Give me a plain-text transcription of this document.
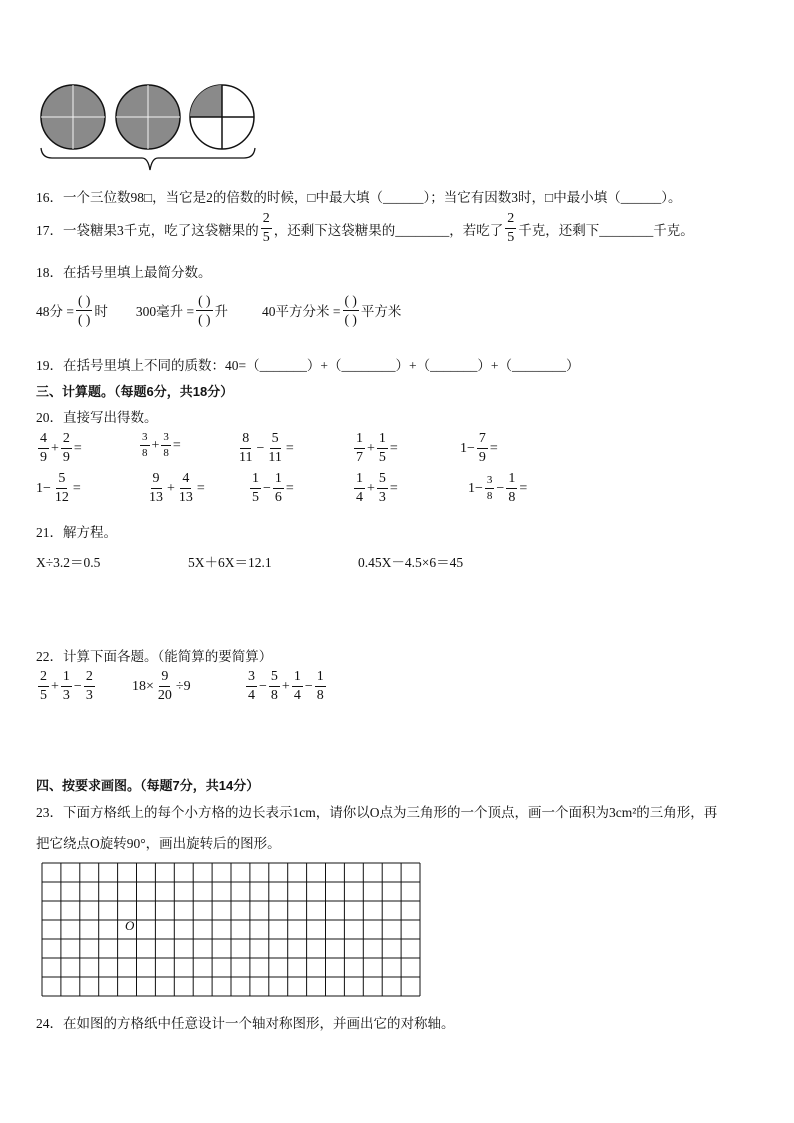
16．一个三位数98□，当它是2的倍数的时候，□中最大填（______）；当它有因数3时，□中最小填（______）。
17．一袋糖果3千克，吃了这袋糖果的 $\frac{2}{5}$ ，还剩下这袋糖果的________，若吃了 $\frac{2}{5}$ 千克，还剩下________千克。
18．在括号里填上最简分数。
48分 = $\frac{( )}{( )}$ 时 300毫升 = $\frac{( )}{( )}$ 升	40平方分米 = $\frac{( )}{( )}$ 平方米
19．在括号里填上不同的质数：40=（_______）+（________）+（_______）+（________）
三、计算题。（每题6分，共18分）
20．直接写出得数。
$\frac{4}{9} + \frac{2}{9}$ =	$\frac{3}{8} + \frac{3}{8}$ =	$\frac{8}{11} - \frac{5}{11}$ =	$\frac{1}{7} + \frac{1}{5}$ =	$1 - \frac{7}{9}$ =
$1 - \frac{5}{12}$ =	$\frac{9}{13} + \frac{4}{13}$ =	$\frac{1}{5} - \frac{1}{6}$ =	$\frac{1}{4} + \frac{5}{3}$ =	$1 - \frac{3}{8} - \frac{1}{8}$ =
21．解方程。
X÷3.2＝0.5	5X＋6X＝12.1	0.45X－4.5×6＝45
22．计算下面各题。（能简算的要简算）
$\frac{2}{5} + \frac{1}{3} - \frac{2}{3}$	$18 \times \frac{9}{20} \div 9$	$\frac{3}{4} - \frac{5}{8} + \frac{1}{4} - \frac{1}{8}$
四、按要求画图。（每题7分，共14分）
23．下面方格纸上的每个小方格的边长表示1cm，请你以O点为三角形的一个顶点，画一个面积为3cm²的三角形，再
把它绕点O旋转90°，画出旋转后的图形。
O
24．在如图的方格纸中任意设计一个轴对称图形，并画出它的对称轴。
